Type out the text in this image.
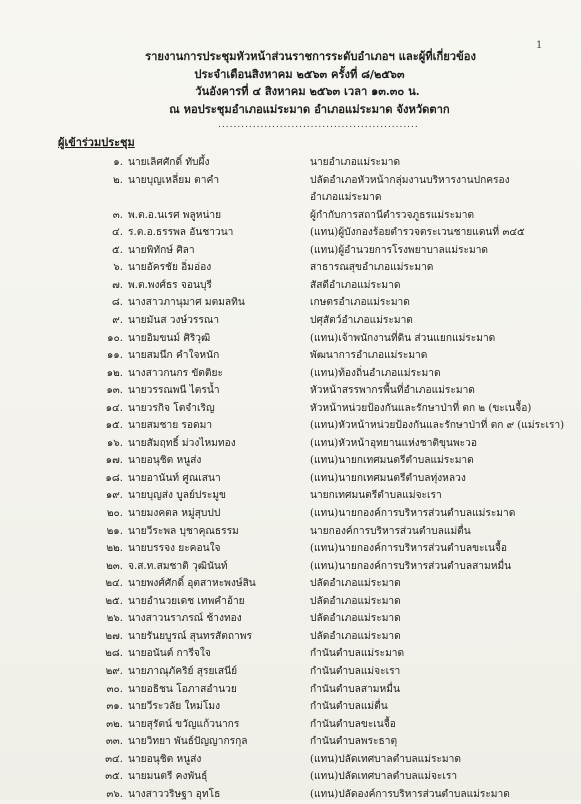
1
รายงานการประชุมหัวหน้าส่วนราชการระดับอำเภอฯ และผู้ที่เกี่ยวข้อง
ประจำเดือนสิงหาคม ๒๕๖๓ ครั้งที่ ๘/๒๕๖๓
วันอังคารที่ ๔ สิงหาคม ๒๕๖๓ เวลา ๑๓.๓๐ น.
ณ หอประชุมอำเภอแม่ระมาด อำเภอแม่ระมาด จังหวัดตาก
....................................................
ผู้เข้าร่วมประชุม
๑. นายเลิศศักดิ์ ทับผึ้ง	นายอำเภอแม่ระมาด
๒. นายบุญเหลี่ยม ตาคำ	ปลัดอำเภอหัวหน้ากลุ่มงานบริหารงานปกครอง
อำเภอแม่ระมาด
๓. พ.ต.อ.นเรศ พลูหน่าย	ผู้กำกับการสถานีตำรวจภูธรแม่ระมาด
๔. ร.ต.อ.ธรรพล อันชาวนา	(แทน)ผู้บังกองร้อยตำรวจตระเวนชายแดนที่ ๓๔๕
๕. นายพิทักษ์ ศิลา	(แทน)ผู้อำนวยการโรงพยาบาลแม่ระมาด
๖. นายอัครชัย อิ่มอ่อง	สาธารณสุขอำเภอแม่ระมาด
๗. พ.ต.พงศ์ธร จอนบุรี	สัสดีอำเภอแม่ระมาด
๘. นางสาวภานุมาศ มตมลทิน	เกษตรอำเภอแม่ระมาด
๙. นายมันส วงษ์วรรณา	ปศุสัตว์อำเภอแม่ระมาด
๑๐. นายอิมขนม์ ศิริวุฒิ	(แทน)เจ้าพนักงานที่ดิน ส่วนแยกแม่ระมาด
๑๑. นายสมนึก คำใจหนัก	พัฒนาการอำเภอแม่ระมาด
๑๒. นางสาวกนกร ขัตติยะ	(แทน)ท้องถิ่นอำเภอแม่ระมาด
๑๓. นายวรรณพนี ไตรน้ำ	หัวหน้าสรรพากรพื้นที่อำเภอแม่ระมาด
๑๔. นายวรกิจ โตจำเริญ	หัวหน้าหน่วยป้องกันและรักษาป่าที่ ตก ๒ (ขะเนจื้อ)
๑๕. นายสมชาย รอดมา	(แทน)หัวหน้าหน่วยป้องกันและรักษาป่าที่ ตก ๙ (แม่ระเรา)
๑๖. นายสัมฤทธิ์ ม่วงไหมทอง	(แทน)หัวหน้าอุทยานแห่งชาติขุนพะวอ
๑๗. นายอนุชิต หนูส่ง	(แทน)นายกเทศมนตรีตำบลแม่ระมาด
๑๘. นายอานันท์ ศูณเสนา	(แทน)นายกเทศมนตรีตำบลทุ่งหลวง
๑๙. นายบุญส่ง บูลย์ประมูข	นายกเทศมนตรีตำบลแม่จะเรา
๒๐. นายมงคตล หมู่สุบปป	(แทน)นายกองค์การบริหารส่วนตำบลแม่ระมาด
๒๑. นายวีระพล บุชาคุณธรรม	นายกองค์การบริหารส่วนตำบลแม่ตื่น
๒๒. นายบรรจง ยะคอนใจ	(แทน)นายกองค์การบริหารส่วนตำบลขะเนจื้อ
๒๓. จ.ส.ท.สมชาติ วุฒินันท์	(แทน)นายกองค์การบริหารส่วนตำบลสามหมื่น
๒๔. นายพงศ์ศักดิ์ อุตสาหะพงษ์สิน	ปลัดอำเภอแม่ระมาด
๒๕. นายอำนวยเดช เทพคำอ้าย	ปลัดอำเภอแม่ระมาด
๒๖. นางสาวนราภรณ์ ช้างทอง	ปลัดอำเภอแม่ระมาด
๒๗. นายรันยบูรณ์ สุนทรสัตถาพร	ปลัดอำเภอแม่ระมาด
๒๘. นายอนันต์ การีจใจ	กำนันตำบลแม่ระมาด
๒๙. นายภาณุภัคริย์ สุรยเสนีย์	กำนันตำบลแม่จะเรา
๓๐. นายอธิชน โอภาสอำนวย	กำนันตำบลสามหมื่น
๓๑. นายวีระวลัย ใหม่โมง	กำนันตำบลแม่ตื่น
๓๒. นายสุรัตน์ ขวัญแก้วนากร	กำนันตำบลขะเนจื้อ
๓๓. นายวิทยา พันธ์ปัญญากรกุล	กำนันตำบลพระธาตุ
๓๔. นายอนุชิต หนูส่ง	(แทน)ปลัดเทศบาลตำบลแม่ระมาด
๓๕. นายมนตรี คงพันธุ์	(แทน)ปลัดเทศบาลตำบลแม่จะเรา
๓๖. นางสาววริษฐา อุทโธ	(แทน)ปลัดองค์การบริหารส่วนตำบลแม่ระมาด
